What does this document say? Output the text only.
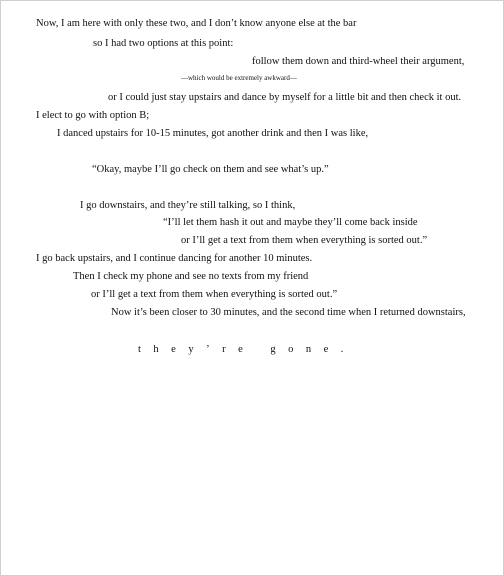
Now, I am here with only these two, and I don’t know anyone else at the bar
so I had two options at this point:
follow them down and third-wheel their argument,
—which would be extremely awkward—
or I could just stay upstairs and dance by myself for a little bit and then check it out.
I elect to go with option B;
I danced upstairs for 10-15 minutes, got another drink and then I was like,
“Okay, maybe I’ll go check on them and see what’s up.”
I go downstairs, and they’re still talking, so I think,
“I’ll let them hash it out and maybe they’ll come back inside
or I’ll get a text from them when everything is sorted out.”
I go back upstairs, and I continue dancing for another 10 minutes.
Then I check my phone and see no texts from my friend
or I’ll get a text from them when everything is sorted out.”
Now it’s been closer to 30 minutes, and the second time when I returned downstairs,
they’re gone.
